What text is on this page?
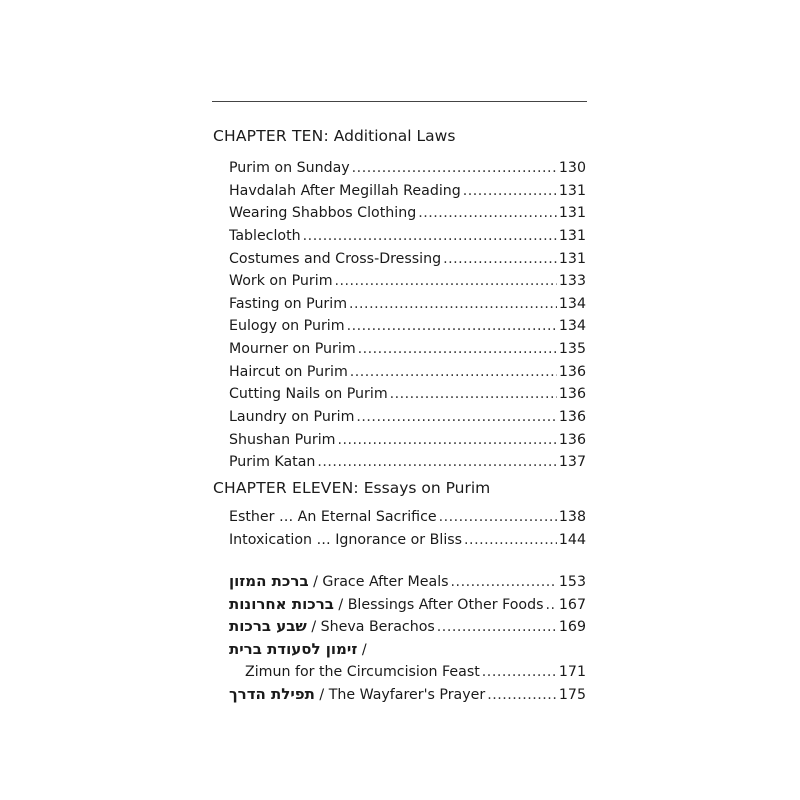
CHAPTER TEN: Additional Laws
Purim on Sunday .....	130
Havdalah After Megillah Reading .....	131
Wearing Shabbos Clothing .....	131
Tablecloth .....	131
Costumes and Cross-Dressing .....	131
Work on Purim .....	133
Fasting on Purim .....	134
Eulogy on Purim .....	134
Mourner on Purim .....	135
Haircut on Purim .....	136
Cutting Nails on Purim .....	136
Laundry on Purim .....	136
Shushan Purim .....	136
Purim Katan .....	137
CHAPTER ELEVEN: Essays on Purim
Esther … An Eternal Sacrifice .....	138
Intoxication … Ignorance or Bliss .....	144
ברכת המזון / Grace After Meals .....	153
ברכות אחרונות / Blessings After Other Foods ..... 167
שבע ברכות / Sheva Berachos .....	169
זימון לסעודת ברית /
Zimun for the Circumcision Feast .....	171
תפילת הדרך / The Wayfarer's Prayer .....	175
